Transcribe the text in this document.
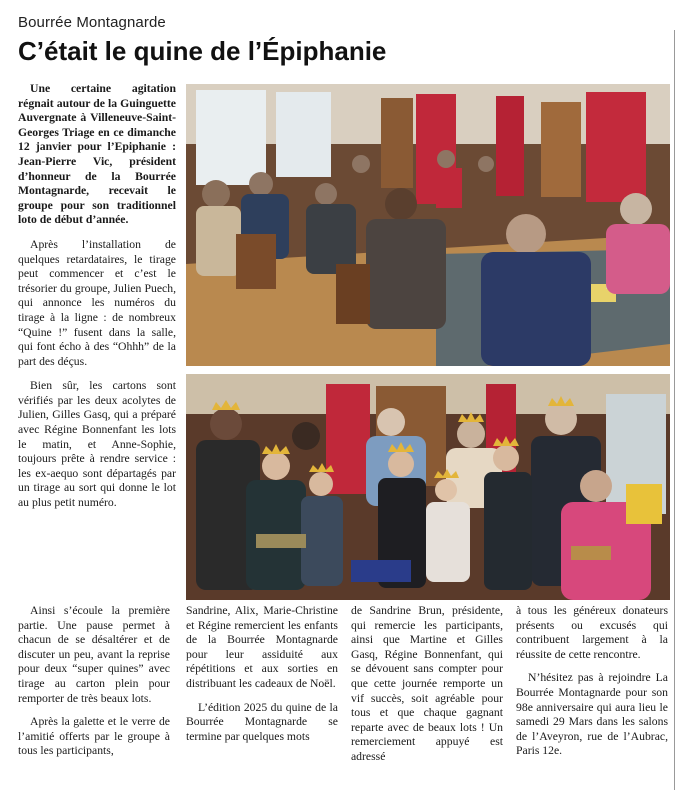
Bourrée Montagnarde
C’était le quine de l’Épiphanie

Une certaine agitation régnait autour de la Guinguette Auvergnate à Villeneuve-Saint-Georges Triage en ce dimanche 12 janvier pour l’Epiphanie : Jean-Pierre Vic, président d’honneur de la Bourrée Montagnarde, recevait le groupe pour son traditionnel loto de début d’année.

Après l’installation de quelques retardataires, le tirage peut commencer et c’est le trésorier du groupe, Julien Puech, qui annonce les numéros du tirage à la ligne : de nombreux “Quine !” fusent dans la salle, qui font écho à des “Ohhh” de la part des déçus.

Bien sûr, les cartons sont vérifiés par les deux acolytes de Julien, Gilles Gasq, qui a préparé avec Régine Bonnenfant les lots le matin, et Anne-Sophie, toujours prête à rendre service : les ex-aequo sont départagés par un tirage au sort qui donne le lot au plus petit numéro.

Ainsi s’écoule la première partie. Une pause permet à chacun de se désaltérer et de discuter un peu, avant la reprise pour deux “super quines” avec tirage au carton plein pour remporter de très beaux lots.

Après la galette et le verre de l’amitié offerts par le groupe à tous les participants,

Sandrine, Alix, Marie-Christine et Régine remercient les enfants de la Bourrée Montagnarde pour leur assiduité aux répétitions et aux sorties en distribuant les cadeaux de Noël.

L’édition 2025 du quine de la Bourrée Montagnarde se termine par quelques mots

de Sandrine Brun, présidente, qui remercie les participants, ainsi que Martine et Gilles Gasq, Régine Bonnenfant, qui se dévouent sans compter pour que cette journée remporte un vif succès, soit agréable pour tous et que chaque gagnant reparte avec de beaux lots ! Un remerciement appuyé est adressé

à tous les généreux donateurs présents ou excusés qui contribuent largement à la réussite de cette rencontre.

N’hésitez pas à rejoindre La Bourrée Montagnarde pour son 98e anniversaire qui aura lieu le samedi 29 Mars dans les salons de l’Aveyron, rue de l’Aubrac, Paris 12e.
